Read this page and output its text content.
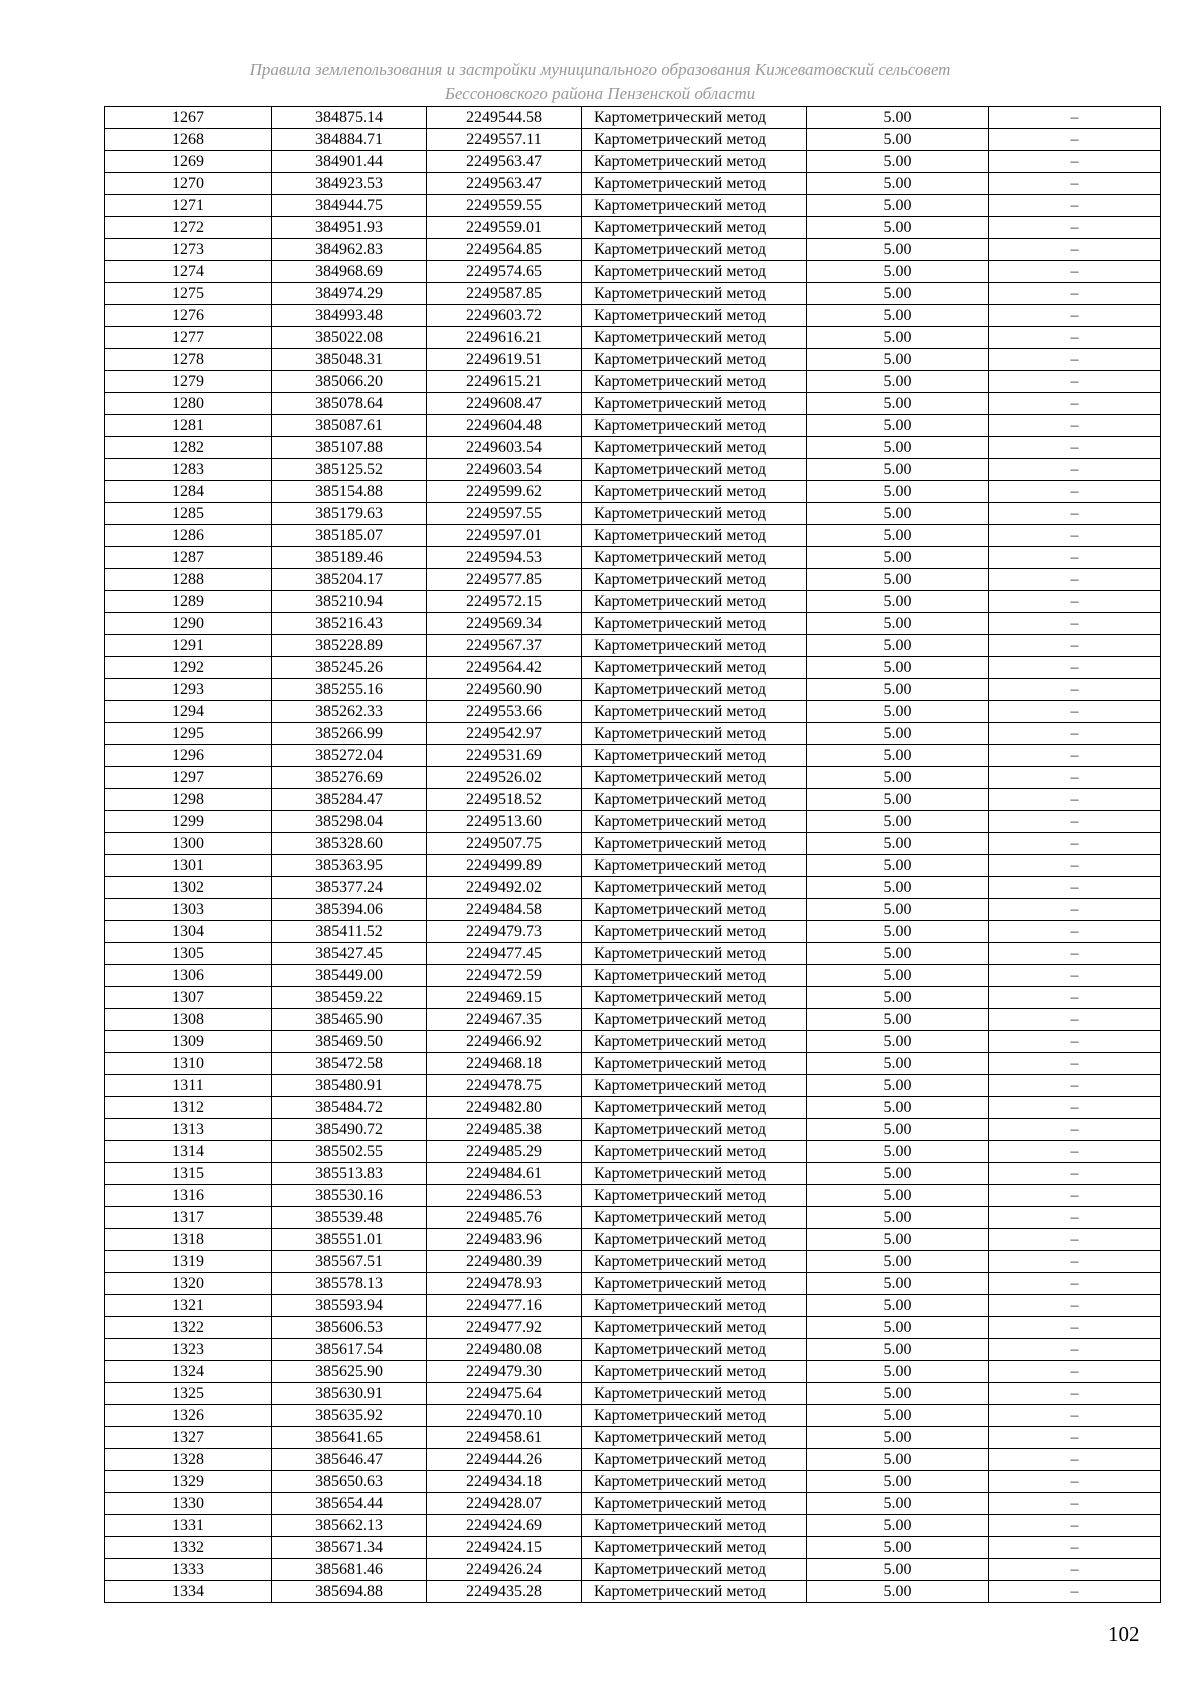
Правила землепользования и застройки муниципального образования Кижеватовский сельсовет
Бессоновского района Пензенской области
1267	384875.14	2249544.58	Картометрический метод	5.00	–
1268	384884.71	2249557.11	Картометрический метод	5.00	–
1269	384901.44	2249563.47	Картометрический метод	5.00	–
1270	384923.53	2249563.47	Картометрический метод	5.00	–
1271	384944.75	2249559.55	Картометрический метод	5.00	–
1272	384951.93	2249559.01	Картометрический метод	5.00	–
1273	384962.83	2249564.85	Картометрический метод	5.00	–
1274	384968.69	2249574.65	Картометрический метод	5.00	–
1275	384974.29	2249587.85	Картометрический метод	5.00	–
1276	384993.48	2249603.72	Картометрический метод	5.00	–
1277	385022.08	2249616.21	Картометрический метод	5.00	–
1278	385048.31	2249619.51	Картометрический метод	5.00	–
1279	385066.20	2249615.21	Картометрический метод	5.00	–
1280	385078.64	2249608.47	Картометрический метод	5.00	–
1281	385087.61	2249604.48	Картометрический метод	5.00	–
1282	385107.88	2249603.54	Картометрический метод	5.00	–
1283	385125.52	2249603.54	Картометрический метод	5.00	–
1284	385154.88	2249599.62	Картометрический метод	5.00	–
1285	385179.63	2249597.55	Картометрический метод	5.00	–
1286	385185.07	2249597.01	Картометрический метод	5.00	–
1287	385189.46	2249594.53	Картометрический метод	5.00	–
1288	385204.17	2249577.85	Картометрический метод	5.00	–
1289	385210.94	2249572.15	Картометрический метод	5.00	–
1290	385216.43	2249569.34	Картометрический метод	5.00	–
1291	385228.89	2249567.37	Картометрический метод	5.00	–
1292	385245.26	2249564.42	Картометрический метод	5.00	–
1293	385255.16	2249560.90	Картометрический метод	5.00	–
1294	385262.33	2249553.66	Картометрический метод	5.00	–
1295	385266.99	2249542.97	Картометрический метод	5.00	–
1296	385272.04	2249531.69	Картометрический метод	5.00	–
1297	385276.69	2249526.02	Картометрический метод	5.00	–
1298	385284.47	2249518.52	Картометрический метод	5.00	–
1299	385298.04	2249513.60	Картометрический метод	5.00	–
1300	385328.60	2249507.75	Картометрический метод	5.00	–
1301	385363.95	2249499.89	Картометрический метод	5.00	–
1302	385377.24	2249492.02	Картометрический метод	5.00	–
1303	385394.06	2249484.58	Картометрический метод	5.00	–
1304	385411.52	2249479.73	Картометрический метод	5.00	–
1305	385427.45	2249477.45	Картометрический метод	5.00	–
1306	385449.00	2249472.59	Картометрический метод	5.00	–
1307	385459.22	2249469.15	Картометрический метод	5.00	–
1308	385465.90	2249467.35	Картометрический метод	5.00	–
1309	385469.50	2249466.92	Картометрический метод	5.00	–
1310	385472.58	2249468.18	Картометрический метод	5.00	–
1311	385480.91	2249478.75	Картометрический метод	5.00	–
1312	385484.72	2249482.80	Картометрический метод	5.00	–
1313	385490.72	2249485.38	Картометрический метод	5.00	–
1314	385502.55	2249485.29	Картометрический метод	5.00	–
1315	385513.83	2249484.61	Картометрический метод	5.00	–
1316	385530.16	2249486.53	Картометрический метод	5.00	–
1317	385539.48	2249485.76	Картометрический метод	5.00	–
1318	385551.01	2249483.96	Картометрический метод	5.00	–
1319	385567.51	2249480.39	Картометрический метод	5.00	–
1320	385578.13	2249478.93	Картометрический метод	5.00	–
1321	385593.94	2249477.16	Картометрический метод	5.00	–
1322	385606.53	2249477.92	Картометрический метод	5.00	–
1323	385617.54	2249480.08	Картометрический метод	5.00	–
1324	385625.90	2249479.30	Картометрический метод	5.00	–
1325	385630.91	2249475.64	Картометрический метод	5.00	–
1326	385635.92	2249470.10	Картометрический метод	5.00	–
1327	385641.65	2249458.61	Картометрический метод	5.00	–
1328	385646.47	2249444.26	Картометрический метод	5.00	–
1329	385650.63	2249434.18	Картометрический метод	5.00	–
1330	385654.44	2249428.07	Картометрический метод	5.00	–
1331	385662.13	2249424.69	Картометрический метод	5.00	–
1332	385671.34	2249424.15	Картометрический метод	5.00	–
1333	385681.46	2249426.24	Картометрический метод	5.00	–
1334	385694.88	2249435.28	Картометрический метод	5.00	–
102
